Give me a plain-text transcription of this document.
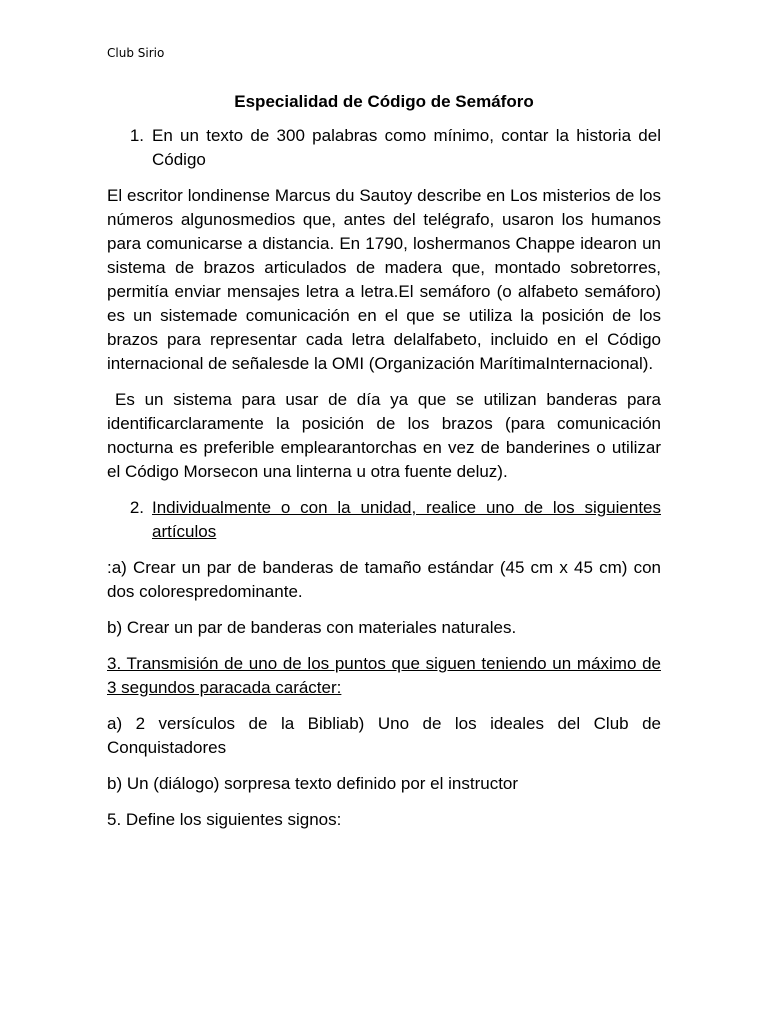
Club Sirio
Especialidad de Código de Semáforo
1. En un texto de 300 palabras como mínimo, contar la historia del Código

El escritor londinense Marcus du Sautoy describe en Los misterios de los números algunosmedios que, antes del telégrafo, usaron los humanos para comunicarse a distancia. En 1790, loshermanos Chappe idearon un sistema de brazos articulados de madera que, montado sobretorres, permitía enviar mensajes letra a letra.El semáforo (o alfabeto semáforo) es un sistemade comunicación en el que se utiliza la posición de los brazos para representar cada letra delalfabeto, incluido en el Código internacional de señalesde la OMI (Organización MarítimaInternacional).

Es un sistema para usar de día ya que se utilizan banderas para identificarclaramente la posición de los brazos (para comunicación nocturna es preferible emplearantorchas en vez de banderines o utilizar el Código Morsecon una linterna u otra fuente deluz).

2. Individualmente o con la unidad, realice uno de los siguientes artículos

:a) Crear un par de banderas de tamaño estándar (45 cm x 45 cm) con dos colorespredominante.

b) Crear un par de banderas con materiales naturales.

3. Transmisión de uno de los puntos que siguen teniendo un máximo de 3 segundos paracada carácter:

a) 2 versículos de la Bibliab) Uno de los ideales del Club de Conquistadores

b) Un (diálogo) sorpresa texto definido por el instructor

5. Define los siguientes signos:
